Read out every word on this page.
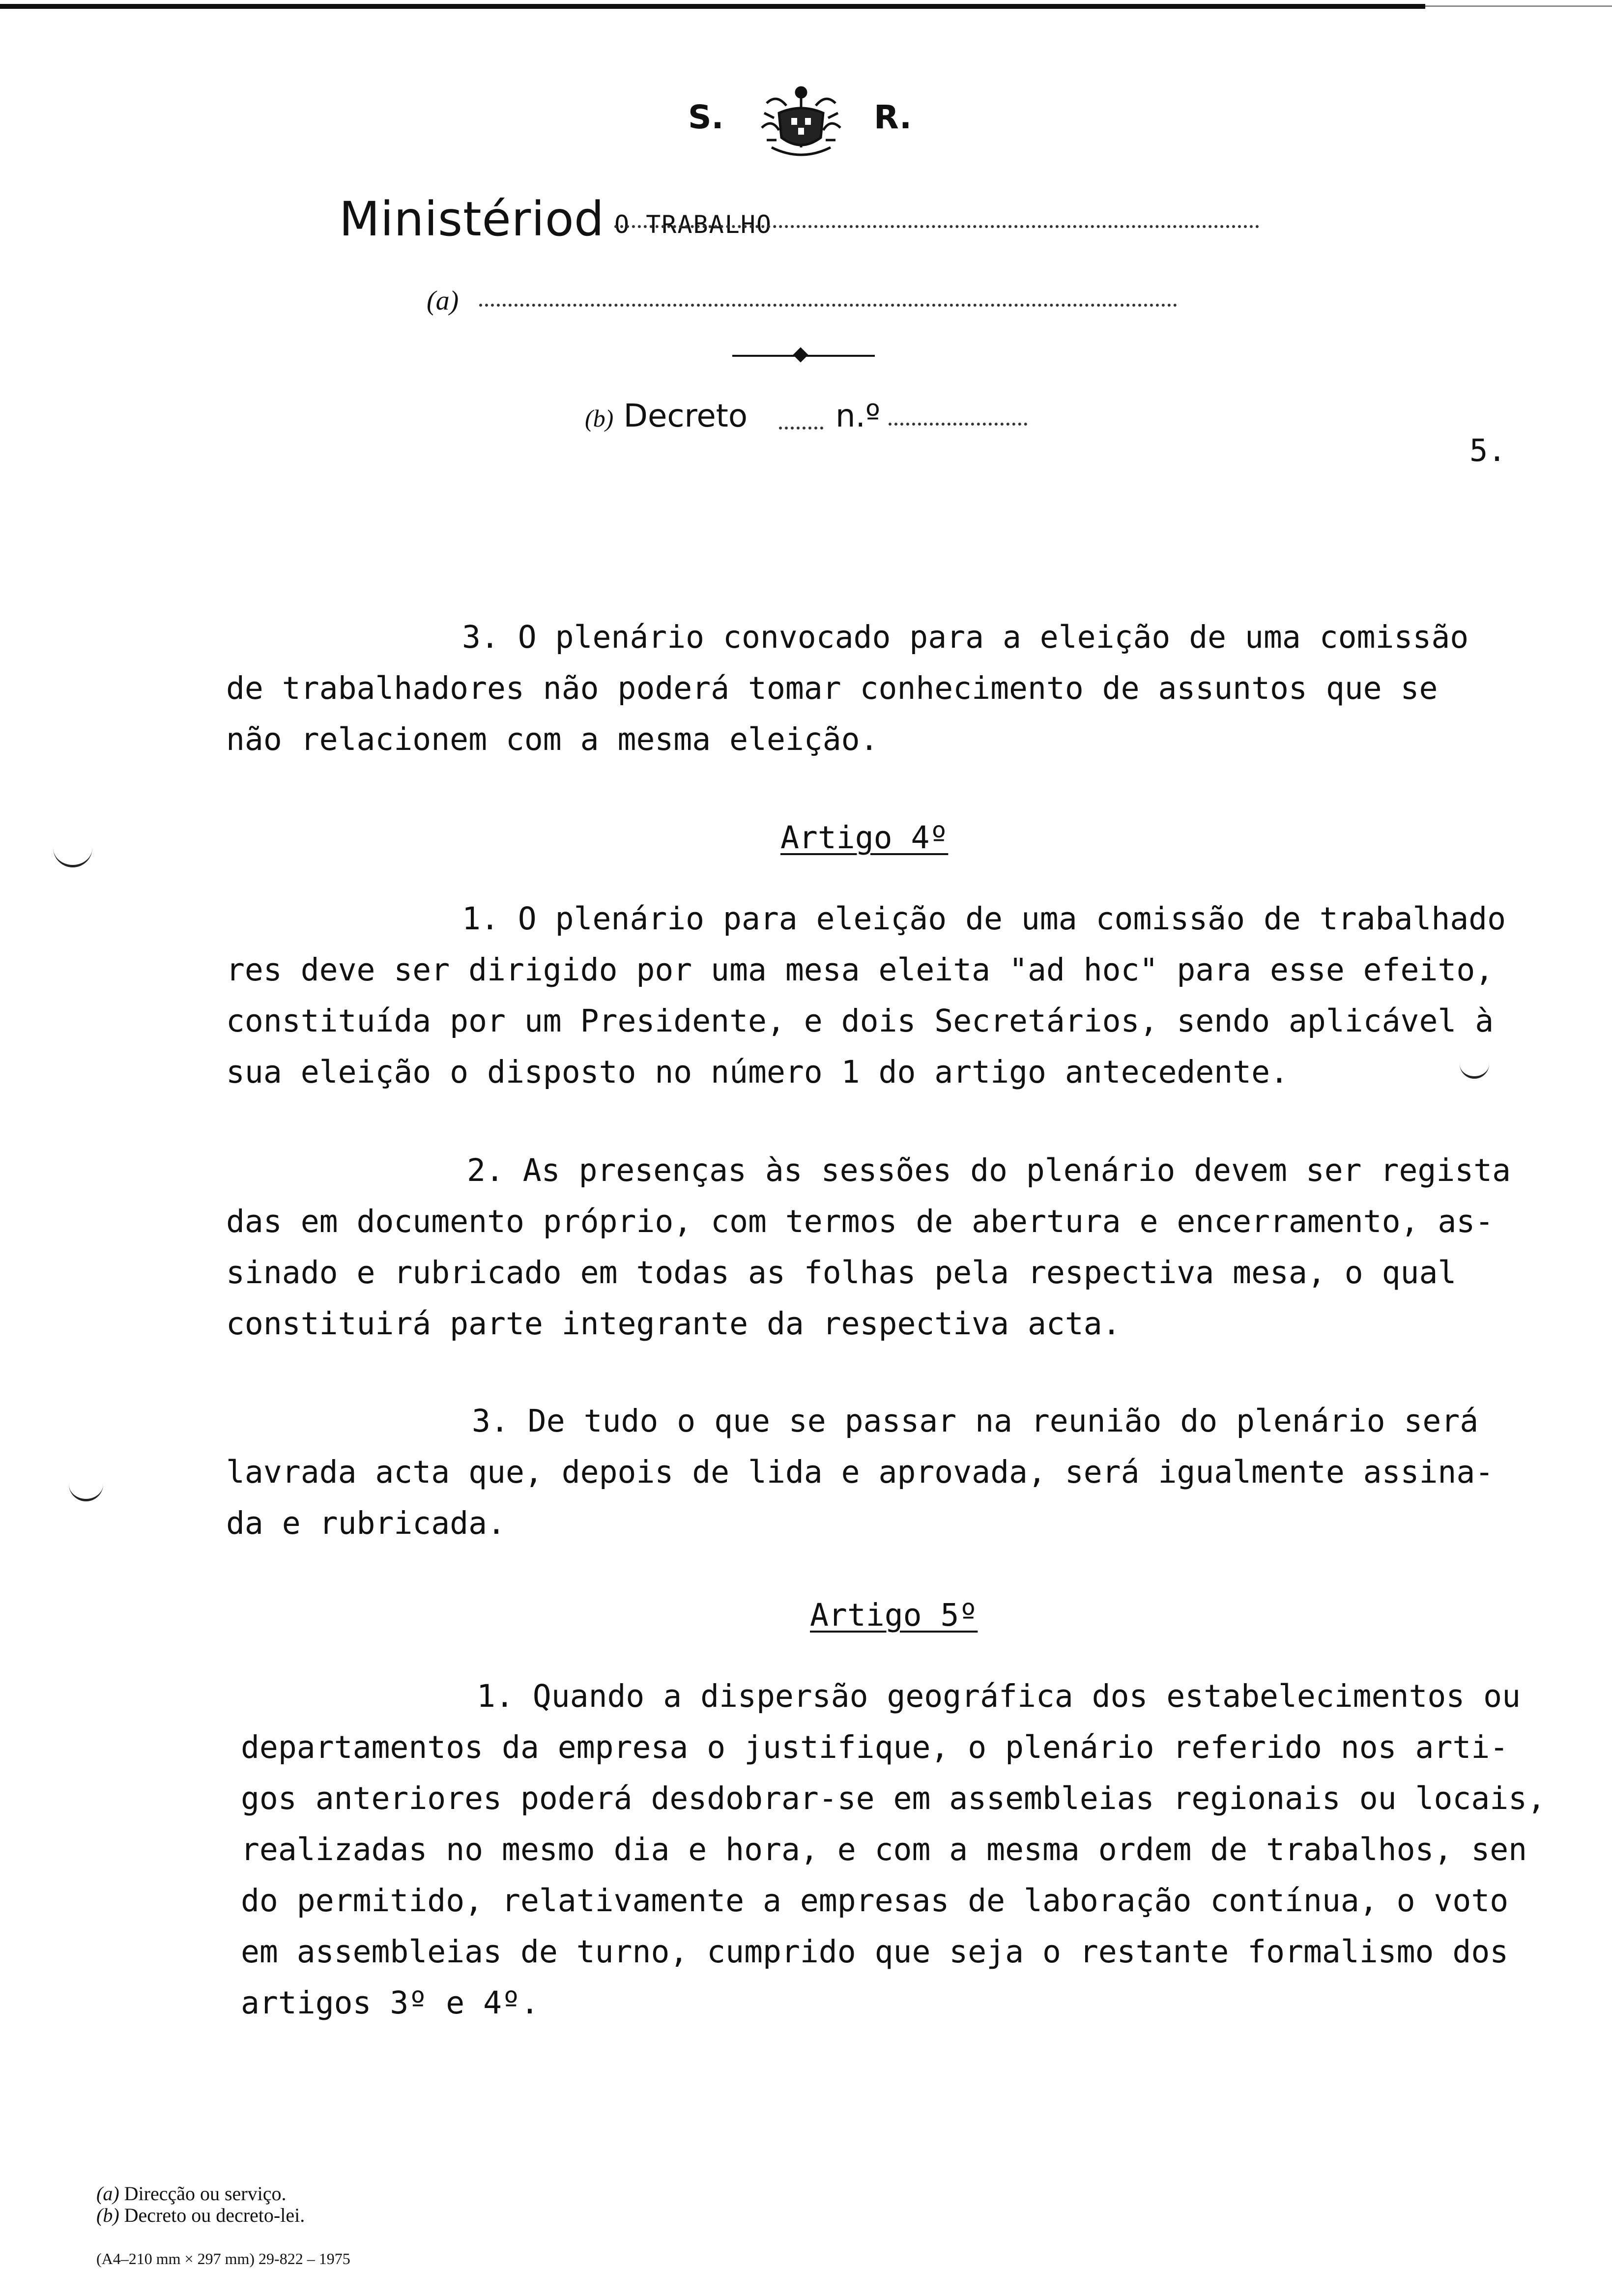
S.	R.
Ministério d O TRABALHO
(a)
(b) Decreto	n.º
5.
3. O plenário convocado para a eleição de uma comissão
de trabalhadores não poderá tomar conhecimento de assuntos que se
não relacionem com a mesma eleição.
Artigo 4º
1. O plenário para eleição de uma comissão de trabalhado
res deve ser dirigido por uma mesa eleita "ad hoc" para esse efeito,
constituída por um Presidente, e dois Secretários, sendo aplicável à
sua eleição o disposto no número 1 do artigo antecedente.
2. As presenças às sessões do plenário devem ser regista
das em documento próprio, com termos de abertura e encerramento, as-
sinado e rubricado em todas as folhas pela respectiva mesa, o qual
constituirá parte integrante da respectiva acta.
3. De tudo o que se passar na reunião do plenário será
lavrada acta que, depois de lida e aprovada, será igualmente assina-
da e rubricada.
Artigo 5º
1. Quando a dispersão geográfica dos estabelecimentos ou
departamentos da empresa o justifique, o plenário referido nos arti-
gos anteriores poderá desdobrar-se em assembleias regionais ou locais,
realizadas no mesmo dia e hora, e com a mesma ordem de trabalhos, sen
do permitido, relativamente a empresas de laboração contínua, o voto
em assembleias de turno, cumprido que seja o restante formalismo dos
artigos 3º e 4º.
(a) Direcção ou serviço.
(b) Decreto ou decreto-lei.
(A4–210 mm × 297 mm) 29-822 – 1975
